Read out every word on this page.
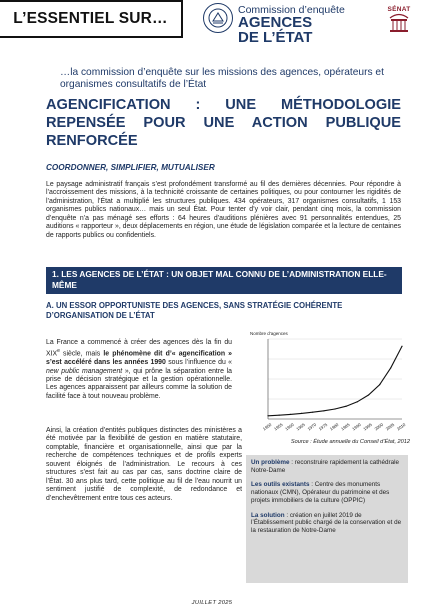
L’ESSENTIEL SUR…	Commission d’enquête
AGENCES
DE L’ÉTAT
SÉNAT
…la commission d’enquête sur les missions des agences, opérateurs et organismes consultatifs de l’État
AGENCIFICATION : UNE MÉTHODOLOGIE REPENSÉE POUR UNE ACTION PUBLIQUE RENFORCÉE
COORDONNER, SIMPLIFIER, MUTUALISER
Le paysage administratif français s’est profondément transformé au fil des dernières décennies. Pour répondre à l’accroissement des missions, à la technicité croissante de certaines politiques, ou pour contourner les rigidités de l’administration, l’État a multiplié les structures publiques. 434 opérateurs, 317 organismes consultatifs, 1 153 organismes publics nationaux… mais un seul État. Pour tenter d’y voir clair, pendant cinq mois, la commission d’enquête n’a pas ménagé ses efforts : 64 heures d’auditions plénières avec 91 personnalités entendues, 25 auditions « rapporteur », deux déplacements en région, une étude de législation comparée et la lecture de centaines de rapports publics ou confidentiels.
1. LES AGENCES DE L’ÉTAT : UN OBJET MAL CONNU DE L’ADMINISTRATION ELLE-MÊME
A. UN ESSOR OPPORTUNISTE DES AGENCES, SANS STRATÉGIE COHÉRENTE D’ORGANISATION DE L’ÉTAT
La France a commencé à créer des agences dès la fin du XIXe siècle, mais le phénomène dit d’« agencification » s’est accéléré dans les années 1990 sous l’influence du « new public management », qui prône la séparation entre la prise de décision stratégique et la gestion opérationnelle. Les agences apparaissent par ailleurs comme la solution de facilité face à tout nouveau problème.
Ainsi, la création d’entités publiques distinctes des ministères a été motivée par la flexibilité de gestion en matière statutaire, comptable, financière et organisationnelle, ainsi que par la recherche de compétences techniques et de profils experts souvent éloignés de l’administration. Le recours à ces structures s’est fait au cas par cas, sans doctrine claire de l’État. 30 ans plus tard, cette politique au fil de l’eau nourrit un sentiment justifié de complexité, de redondance et d’enchevêtrement entre tous ces acteurs.
Nombre d’agences
1950 1955 1960 1965 1970 1975 1980 1985 1990 1995 2000 2005 2010
Source : Étude annuelle du Conseil d’État, 2012
Un problème : reconstruire rapidement la cathédrale Notre-Dame
Les outils existants : Centre des monuments nationaux (CMN), Opérateur du patrimoine et des projets immobiliers de la culture (OPPIC)
La solution : création en juillet 2019 de l’Établissement public chargé de la conservation et de la restauration de Notre-Dame
JUILLET 2025
